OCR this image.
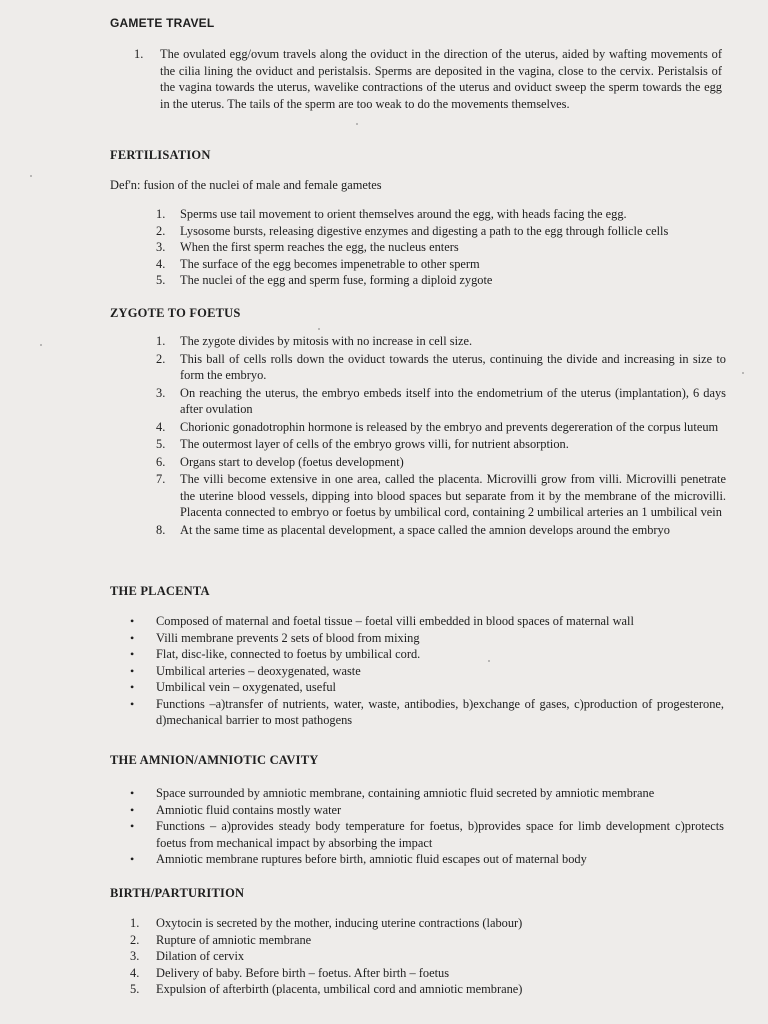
GAMETE TRAVEL
1. The ovulated egg/ovum travels along the oviduct in the direction of the uterus, aided by wafting movements of the cilia lining the oviduct and peristalsis. Sperms are deposited in the vagina, close to the cervix. Peristalsis of the vagina towards the uterus, wavelike contractions of the uterus and oviduct sweep the sperm towards the egg in the uterus. The tails of the sperm are too weak to do the movements themselves.
FERTILISATION

Def'n: fusion of the nuclei of male and female gametes

1. Sperms use tail movement to orient themselves around the egg, with heads facing the egg.
2. Lysosome bursts, releasing digestive enzymes and digesting a path to the egg through follicle cells
3. When the first sperm reaches the egg, the nucleus enters
4. The surface of the egg becomes impenetrable to other sperm
5. The nuclei of the egg and sperm fuse, forming a diploid zygote
ZYGOTE TO FOETUS
1. The zygote divides by mitosis with no increase in cell size.
2. This ball of cells rolls down the oviduct towards the uterus, continuing the divide and increasing in size to form the embryo.
3. On reaching the uterus, the embryo embeds itself into the endometrium of the uterus (implantation), 6 days after ovulation
4. Chorionic gonadotrophin hormone is released by the embryo and prevents degereration of the corpus luteum
5. The outermost layer of cells of the embryo grows villi, for nutrient absorption.
6. Organs start to develop (foetus development)
7. The villi become extensive in one area, called the placenta. Microvilli grow from villi. Microvilli penetrate the uterine blood vessels, dipping into blood spaces but separate from it by the membrane of the microvilli. Placenta connected to embryo or foetus by umbilical cord, containing 2 umbilical arteries an 1 umbilical vein
8. At the same time as placental development, a space called the amnion develops around the embryo
THE PLACENTA
• Composed of maternal and foetal tissue – foetal villi embedded in blood spaces of maternal wall
• Villi membrane prevents 2 sets of blood from mixing
• Flat, disc-like, connected to foetus by umbilical cord.
• Umbilical arteries – deoxygenated, waste
• Umbilical vein – oxygenated, useful
• Functions –a)transfer of nutrients, water, waste, antibodies, b)exchange of gases, c)production of progesterone, d)mechanical barrier to most pathogens
THE AMNION/AMNIOTIC CAVITY
• Space surrounded by amniotic membrane, containing amniotic fluid secreted by amniotic membrane
• Amniotic fluid contains mostly water
• Functions – a)provides steady body temperature for foetus, b)provides space for limb development c)protects foetus from mechanical impact by absorbing the impact
• Amniotic membrane ruptures before birth, amniotic fluid escapes out of maternal body
BIRTH/PARTURITION
1. Oxytocin is secreted by the mother, inducing uterine contractions (labour)
2. Rupture of amniotic membrane
3. Dilation of cervix
4. Delivery of baby. Before birth – foetus. After birth – foetus
5. Expulsion of afterbirth (placenta, umbilical cord and amniotic membrane)
